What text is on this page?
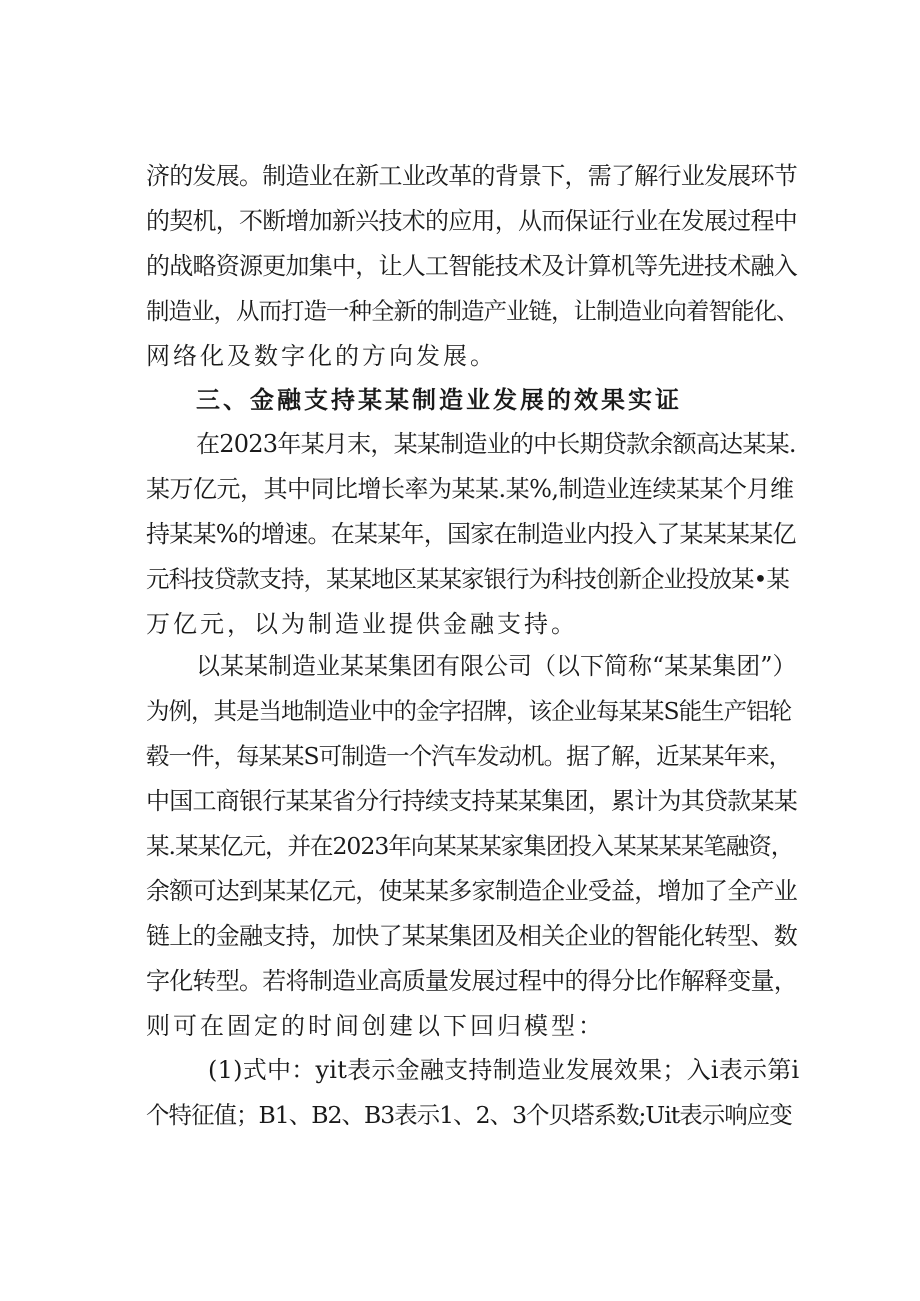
济的发展。制造业在新工业改革的背景下，需了解行业发展环节
的契机，不断增加新兴技术的应用，从而保证行业在发展过程中
的战略资源更加集中，让人工智能技术及计算机等先进技术融入
制造业，从而打造一种全新的制造产业链，让制造业向着智能化、
网络化及数字化的方向发展。
三、金融支持某某制造业发展的效果实证
在2023年某月末，某某制造业的中长期贷款余额高达某某.
某万亿元，其中同比增长率为某某.某%,制造业连续某某个月维
持某某%的增速。在某某年，国家在制造业内投入了某某某某亿
元科技贷款支持，某某地区某某家银行为科技创新企业投放某•某
万亿元，以为制造业提供金融支持。
以某某制造业某某集团有限公司（以下简称“某某集团”）
为例，其是当地制造业中的金字招牌，该企业每某某S能生产铝轮
毂一件，每某某S可制造一个汽车发动机。据了解，近某某年来，
中国工商银行某某省分行持续支持某某集团，累计为其贷款某某
某.某某亿元，并在2023年向某某某家集团投入某某某某笔融资，
余额可达到某某亿元，使某某多家制造企业受益，增加了全产业
链上的金融支持，加快了某某集团及相关企业的智能化转型、数
字化转型。若将制造业高质量发展过程中的得分比作解释变量，
则可在固定的时间创建以下回归模型：
(1)式中：yit表示金融支持制造业发展效果；入i表示第i
个特征值；B1、B2、B3表示1、2、3个贝塔系数;Uit表示响应变
